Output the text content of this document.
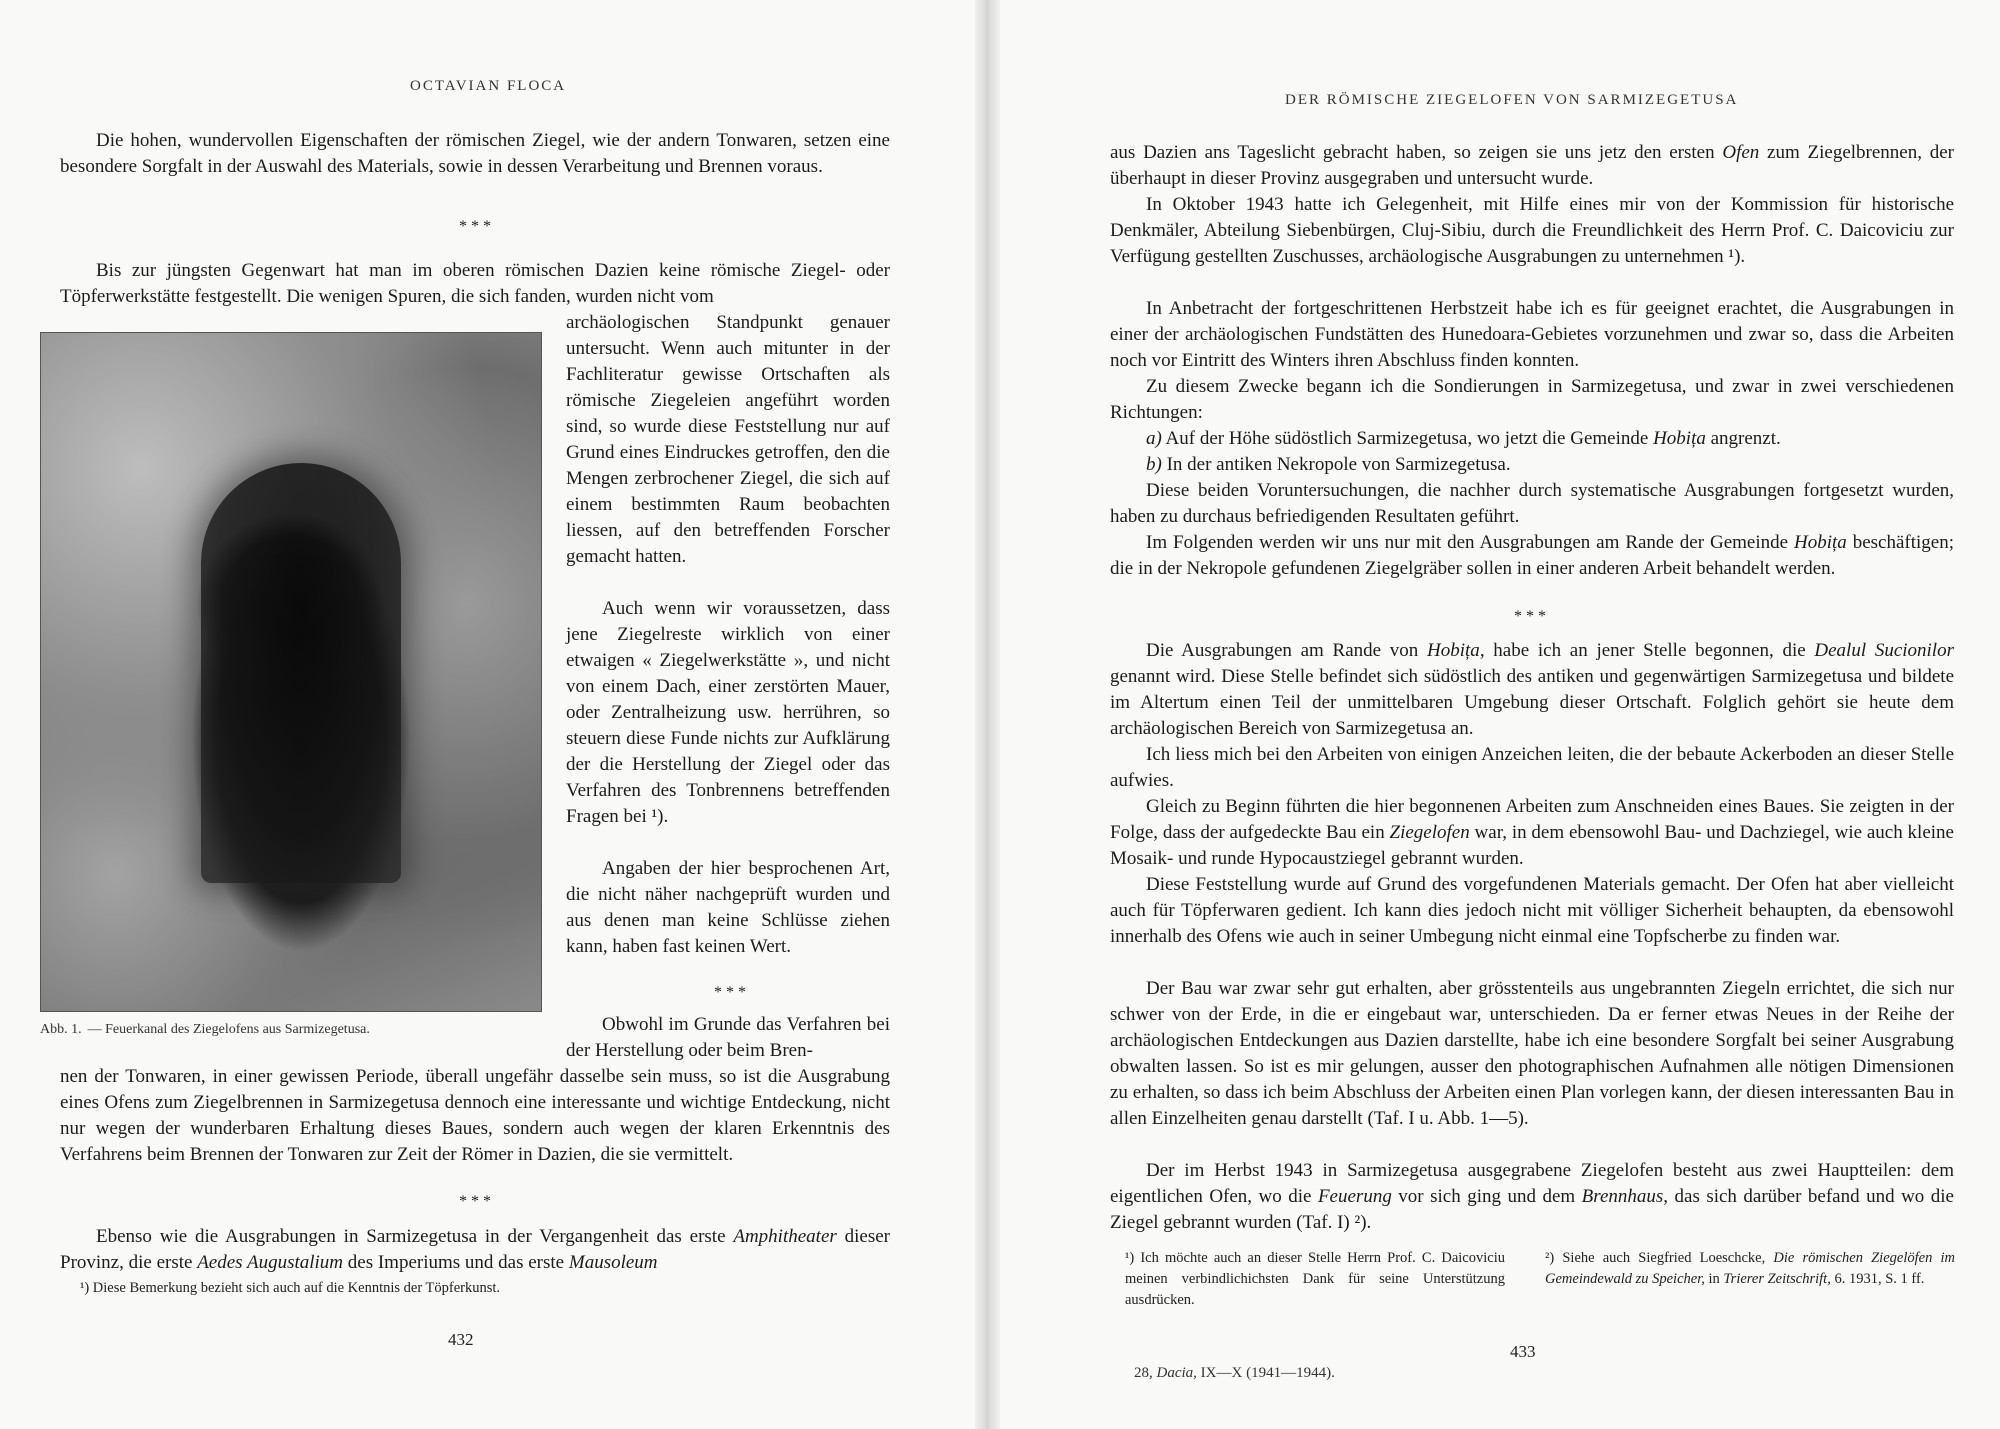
OCTAVIAN FLOCA

Die hohen, wundervollen Eigenschaften der römischen Ziegel, wie der andern Tonwaren, setzen eine besondere Sorgfalt in der Auswahl des Materials, sowie in dessen Verarbeitung und Brennen voraus.

* * *

Bis zur jüngsten Gegenwart hat man im oberen römischen Dazien keine römische Ziegel- oder Töpferwerkstätte festgestellt. Die wenigen Spuren, die sich fanden, wurden nicht vom

Abb. 1. — Feuerkanal des Ziegelofens aus Sarmizegetusa.

archäologischen Standpunkt genauer untersucht. Wenn auch mitunter in der Fachliteratur gewisse Ortschaften als römische Ziegeleien angeführt worden sind, so wurde diese Feststellung nur auf Grund eines Eindruckes getroffen, den die Mengen zerbrochener Ziegel, die sich auf einem bestimmten Raum beobachten liessen, auf den betreffenden Forscher gemacht hatten.

Auch wenn wir voraussetzen, dass jene Ziegelreste wirklich von einer etwaigen « Ziegelwerkstätte », und nicht von einem Dach, einer zerstörten Mauer, oder Zentralheizung usw. herrühren, so steuern diese Funde nichts zur Aufklärung der die Herstellung der Ziegel oder das Verfahren des Tonbrennens betreffenden Fragen bei ¹).

Angaben der hier besprochenen Art, die nicht näher nachgeprüft wurden und aus denen man keine Schlüsse ziehen kann, haben fast keinen Wert.

* * *

Obwohl im Grunde das Verfahren bei der Herstellung oder beim Bren-

nen der Tonwaren, in einer gewissen Periode, überall ungefähr dasselbe sein muss, so ist die Ausgrabung eines Ofens zum Ziegelbrennen in Sarmizegetusa dennoch eine interessante und wichtige Entdeckung, nicht nur wegen der wunderbaren Erhaltung dieses Baues, sondern auch wegen der klaren Erkenntnis des Verfahrens beim Brennen der Tonwaren zur Zeit der Römer in Dazien, die sie vermittelt.

* * *

Ebenso wie die Ausgrabungen in Sarmizegetusa in der Vergangenheit das erste Amphitheater dieser Provinz, die erste Aedes Augustalium des Imperiums und das erste Mausoleum

¹) Diese Bemerkung bezieht sich auch auf die Kenntnis der Töpferkunst.

432
DER RÖMISCHE ZIEGELOFEN VON SARMIZEGETUSA

aus Dazien ans Tageslicht gebracht haben, so zeigen sie uns jetz den ersten Ofen zum Ziegelbrennen, der überhaupt in dieser Provinz ausgegraben und untersucht wurde.

In Oktober 1943 hatte ich Gelegenheit, mit Hilfe eines mir von der Kommission für historische Denkmäler, Abteilung Siebenbürgen, Cluj-Sibiu, durch die Freundlichkeit des Herrn Prof. C. Daicoviciu zur Verfügung gestellten Zuschusses, archäologische Ausgrabungen zu unternehmen ¹).

In Anbetracht der fortgeschrittenen Herbstzeit habe ich es für geeignet erachtet, die Ausgrabungen in einer der archäologischen Fundstätten des Hunedoara-Gebietes vorzunehmen und zwar so, dass die Arbeiten noch vor Eintritt des Winters ihren Abschluss finden konnten.

Zu diesem Zwecke begann ich die Sondierungen in Sarmizegetusa, und zwar in zwei verschiedenen Richtungen:

a) Auf der Höhe südöstlich Sarmizegetusa, wo jetzt die Gemeinde Hobița angrenzt.

b) In der antiken Nekropole von Sarmizegetusa.

Diese beiden Voruntersuchungen, die nachher durch systematische Ausgrabungen fortgesetzt wurden, haben zu durchaus befriedigenden Resultaten geführt.

Im Folgenden werden wir uns nur mit den Ausgrabungen am Rande der Gemeinde Hobița beschäftigen; die in der Nekropole gefundenen Ziegelgräber sollen in einer anderen Arbeit behandelt werden.

* * *

Die Ausgrabungen am Rande von Hobița, habe ich an jener Stelle begonnen, die Dealul Sucionilor genannt wird. Diese Stelle befindet sich südöstlich des antiken und gegenwärtigen Sarmizegetusa und bildete im Altertum einen Teil der unmittelbaren Umgebung dieser Ortschaft. Folglich gehört sie heute dem archäologischen Bereich von Sarmizegetusa an.

Ich liess mich bei den Arbeiten von einigen Anzeichen leiten, die der bebaute Ackerboden an dieser Stelle aufwies.

Gleich zu Beginn führten die hier begonnenen Arbeiten zum Anschneiden eines Baues. Sie zeigten in der Folge, dass der aufgedeckte Bau ein Ziegelofen war, in dem ebensowohl Bau- und Dachziegel, wie auch kleine Mosaik- und runde Hypocaustziegel gebrannt wurden.

Diese Feststellung wurde auf Grund des vorgefundenen Materials gemacht. Der Ofen hat aber vielleicht auch für Töpferwaren gedient. Ich kann dies jedoch nicht mit völliger Sicherheit behaupten, da ebensowohl innerhalb des Ofens wie auch in seiner Umbegung nicht einmal eine Topfscherbe zu finden war.

Der Bau war zwar sehr gut erhalten, aber grösstenteils aus ungebrannten Ziegeln errichtet, die sich nur schwer von der Erde, in die er eingebaut war, unterschieden. Da er ferner etwas Neues in der Reihe der archäologischen Entdeckungen aus Dazien darstellte, habe ich eine besondere Sorgfalt bei seiner Ausgrabung obwalten lassen. So ist es mir gelungen, ausser den photographischen Aufnahmen alle nötigen Dimensionen zu erhalten, so dass ich beim Abschluss der Arbeiten einen Plan vorlegen kann, der diesen interessanten Bau in allen Einzelheiten genau darstellt (Taf. I u. Abb. 1—5).

Der im Herbst 1943 in Sarmizegetusa ausgegrabene Ziegelofen besteht aus zwei Hauptteilen: dem eigentlichen Ofen, wo die Feuerung vor sich ging und dem Brennhaus, das sich darüber befand und wo die Ziegel gebrannt wurden (Taf. I) ²).

¹) Ich möchte auch an dieser Stelle Herrn Prof. C. Daicoviciu meinen verbindlichichsten Dank für seine Unterstützung ausdrücken.

²) Siehe auch Siegfried Loeschcke, Die römischen Ziegelöfen im Gemeindewald zu Speicher, in Trierer Zeitschrift, 6. 1931, S. 1 ff.

433
28, Dacia, IX—X (1941—1944).
